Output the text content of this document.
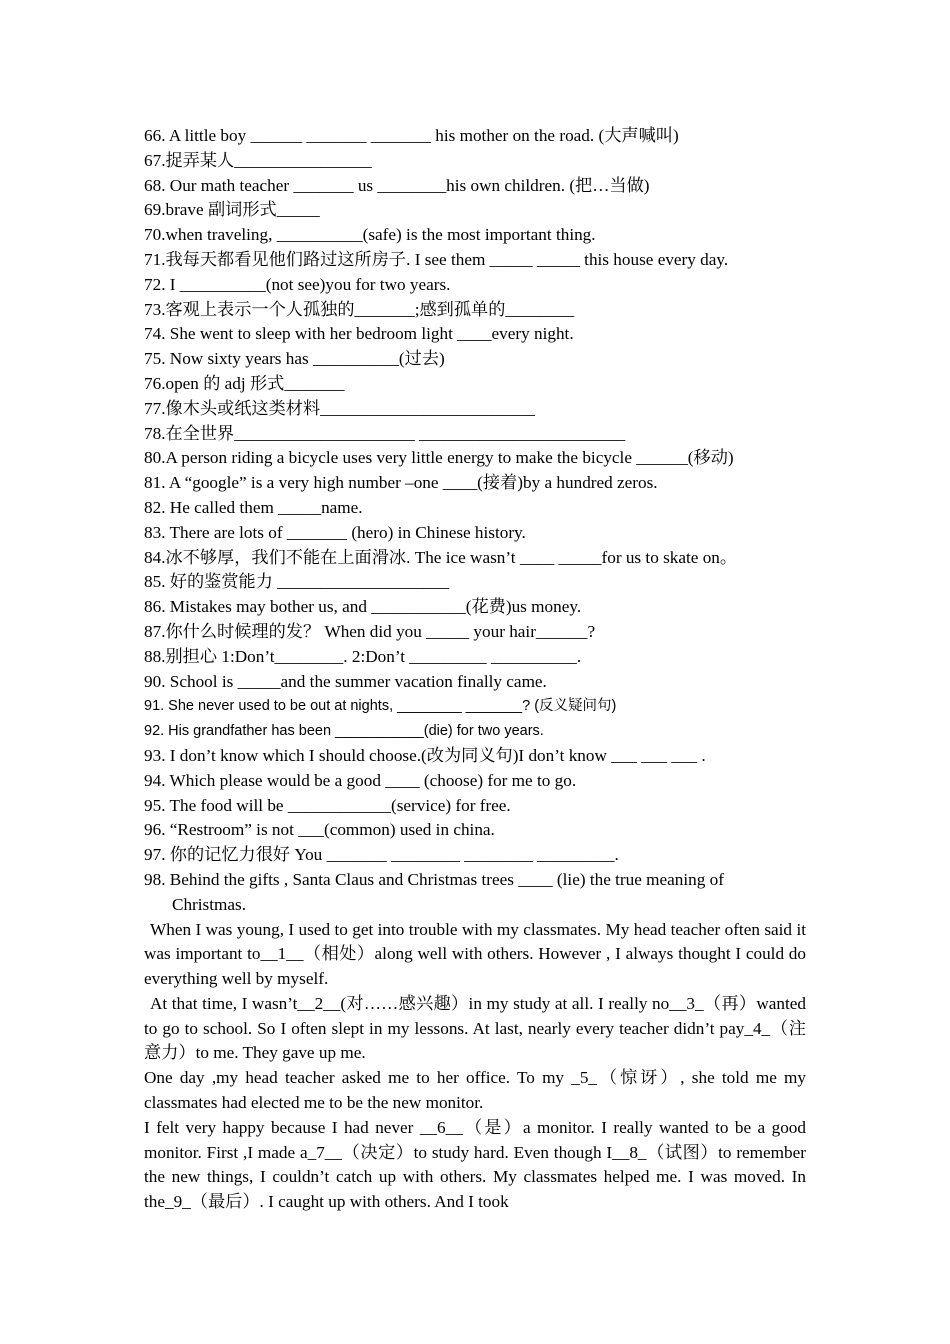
66. A little boy ______ _______ _______ his mother on the road. (大声喊叫)
67.捉弄某人________________
68. Our math teacher _______ us ________his own children. (把…当做)
69.brave 副词形式_____
70.when traveling, __________(safe) is the most important thing.
71.我每天都看见他们路过这所房子. I see them _____ _____ this house every day.
72. I __________(not see)you for two years.
73.客观上表示一个人孤独的_______;感到孤单的________
74. She went to sleep with her bedroom light ____every night.
75. Now sixty years has __________(过去)
76.open 的 adj 形式_______
77.像木头或纸这类材料_________________________
78.在全世界_____________________ ________________________
80.A person riding a bicycle uses very little energy to make the bicycle ______(移动)
81. A “google” is a very high number –one ____(接着)by a hundred zeros.
82. He called them _____name.
83. There are lots of _______ (hero) in Chinese history.
84.冰不够厚，我们不能在上面滑冰. The ice wasn’t ____ _____for us to skate on。
85. 好的鉴赏能力 ____________________
86. Mistakes may bother us, and ___________(花费)us money.
87.你什么时候理的发？ When did you _____ your hair______?
88.别担心 1:Don’t________. 2:Don’t _________ __________.
90. School is _____and the summer vacation finally came.
91. She never used to be out at nights, ________ _______? (反义疑问句)
92. His grandfather has been ___________(die) for two years.
93. I don’t know which I should choose.(改为同义句)I don’t know ___ ___ ___ .
94. Which please would be a good ____ (choose) for me to go.
95. The food will be ____________(service) for free.
96. “Restroom” is not ___(common) used in china.
97. 你的记忆力很好 You _______ ________ ________ _________.
98. Behind the gifts , Santa Claus and Christmas trees ____ (lie) the true meaning of
Christmas.
When I was young, I used to get into trouble with my classmates. My head teacher often said it was important to__1__（相处）along well with others. However , I always thought I could do everything well by myself.
At that time, I wasn’t__2__(对……感兴趣）in my study at all. I really no__3_（再）wanted to go to school. So I often slept in my lessons. At last, nearly every teacher didn’t pay_4_（注意力）to me. They gave up me.
One day ,my head teacher asked me to her office. To my _5_（惊讶）, she told me my classmates had elected me to be the new monitor.
I felt very happy because I had never __6__（是）a monitor. I really wanted to be a good monitor. First ,I made a_7__（决定）to study hard. Even though I__8_（试图）to remember the new things, I couldn’t catch up with others. My classmates helped me. I was moved. In the_9_（最后）. I caught up with others. And I took
